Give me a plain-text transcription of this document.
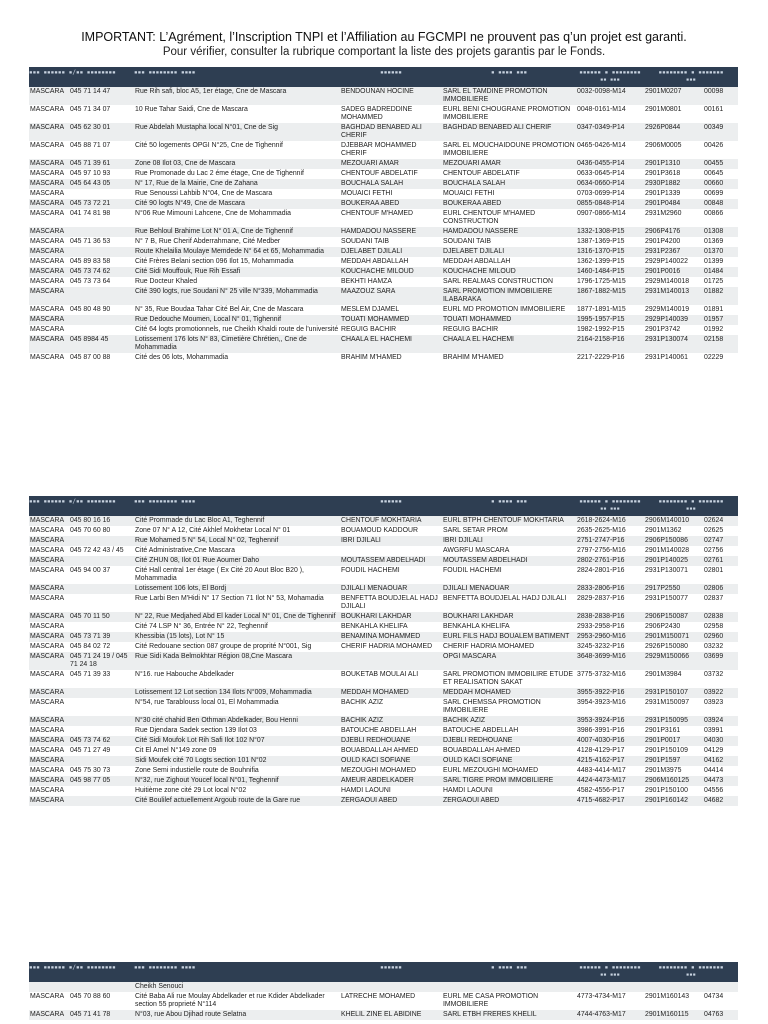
IMPORTANT: L’Agrément, l’Inscription TNPI et l’Affiliation au FGCMPI ne prouvent pas q’un projet est garanti.
Pour vérifier, consulter la rubrique comportant la liste des projets garantis par le Fonds.
▪▪▪ ▪▪▪▪▪▪ ▪/▪▪ ▪▪▪▪▪▪▪▪	▪▪▪ ▪▪▪▪▪▪▪▪ ▪▪▪▪	▪▪▪▪▪▪	▪ ▪▪▪▪ ▪▪▪	▪▪▪▪▪▪ ▪ ▪▪▪▪▪▪▪▪
▪▪ ▪▪▪
▪▪▪▪▪▪▪▪ ▪ ▪▪▪▪▪▪▪
▪▪▪
MASCARA	045 71 14 47	Rue Rih safi, bloc A5, 1er étage, Cne de Mascara	BENDOUNAN HOCINE	SARL EL TAMDINE PROMOTION IMMOBILIERE	0032-0098-M14	2901M0207	00098
MASCARA	045 71 34 07	10 Rue Tahar Saidi, Cne de Mascara	SADEG BADREDDINE MOHAMMED	EURL BENI CHOUGRANE PROMOTION IMMOBILIERE	0048-0161-M14	2901M0801	00161
MASCARA	045 62 30 01	Rue Abdelah Mustapha local N°01, Cne de Sig	BAGHDAD BENABED ALI CHERIF	BAGHDAD BENABED ALI CHERIF	0347-0349-P14	2926P0844	00349
MASCARA	045 88 71 07	Cité 50 logements OPGI N°25, Cne de Tighennif	DJEBBAR MOHAMMED CHERIF	SARL EL MOUCHAIDOUNE PROMOTION IMMOBILIERE	0465-0426-M14	2906M0005	00426
MASCARA	045 71 39 61	Zone 08 Ilot 03, Cne de Mascara	MEZOUARI AMAR	MEZOUARI AMAR	0436-0455-P14	2901P1310	00455
MASCARA	045 97 10 93	Rue Promonade du Lac 2 éme étage, Cne de Tighennif	CHENTOUF ABDELATIF	CHENTOUF ABDELATIF	0633-0645-P14	2901P3618	00645
MASCARA	045 64 43 05	N° 17, Rue de la Mairie, Cne de Zahana	BOUCHALA SALAH	BOUCHALA SALAH	0634-0660-P14	2930P1882	00660
MASCARA		Rue Senoussi Lahbib N°04, Cne de Mascara	MOUAICI FETHI	MOUAICI FETHI	0703-0699-P14	2901P1339	00699
MASCARA	045 73 72 21	Cité 90 logts N°49, Cne de Mascara	BOUKERAA ABED	BOUKERAA ABED	0855-0848-P14	2901P0484	00848
MASCARA	041 74 81 98	N°06 Rue Mimouni Lahcene, Cne de Mohammadia	CHENTOUF M'HAMED	EURL CHENTOUF M'HAMED CONSTRUCTION	0907-0866-M14	2931M2960	00866
MASCARA		Rue Behloul Brahime Lot N° 01 A, Cne de Tighennif	HAMDADOU NASSERE	HAMDADOU NASSERE	1332-1308-P15	2906P4176	01308
MASCARA	045 71 36 53	N° 7 B, Rue Cherif Abderrahmane, Cité Medber	SOUDANI TAIB	SOUDANI TAIB	1387-1369-P15	2901P4200	01369
MASCARA		Route Khelailia Moulaye Memdede N° 64 et 65, Mohammadia	DJELABET DJILALI	DJELABET DJILALI	1316-1370-P15	2931P2367	01370
MASCARA	045 89 83 58	Cité Frères Belani section 096 Ilot 15, Mohammadia	MEDDAH ABDALLAH	MEDDAH ABDALLAH	1362-1399-P15	2929P140022	01399
MASCARA	045 73 74 62	Cité Sidi Mouffouk, Rue Rih Essafi	KOUCHACHE MILOUD	KOUCHACHE MILOUD	1460-1484-P15	2901P0016	01484
MASCARA	045 73 73 64	Rue Docteur Khaled	BEKHTI HAMZA	SARL REALMAS CONSTRUCTION	1796-1725-M15	2929M140018	01725
MASCARA		Cité 390 logts, rue Soudani N° 25 ville N°339, Mohammadia	MAAZOUZ SARA	SARL PROMOTION IMMOBILIERE ILABARAKA	1867-1882-M15	2931M140013	01882
MASCARA	045 80 48 90	N° 35, Rue Boudaa Tahar Cité Bel Air, Cne de Mascara	MESLEM DJAMEL	EURL MD PROMOTION IMMOBILIERE	1877-1891-M15	2929M140019	01891
MASCARA		Rue Dedouche Moumen, Local N° 01, Tighennif	TOUATI MOHAMMED	TOUATI MOHAMMED	1995-1957-P15	2929P140039	01957
MASCARA		Cité 64 logts promotionnels, rue Cheikh Khaldi route de l'université	REGUIG BACHIR	REGUIG BACHIR	1982-1992-P15	2901P3742	01992
MASCARA	045 8984 45	Lotissement 176 lots N° 83, Cimetière Chrétien,, Cne de Mohammadia	CHAALA EL HACHEMI	CHAALA EL HACHEMI	2164-2158-P16	2931P130074	02158
MASCARA	045 87 00 88	Cité des 06 lots, Mohammadia	BRAHIM M'HAMED	BRAHIM M'HAMED	2217-2229-P16	2931P140061	02229
▪▪▪ ▪▪▪▪▪▪ ▪/▪▪ ▪▪▪▪▪▪▪▪	▪▪▪ ▪▪▪▪▪▪▪▪ ▪▪▪▪	▪▪▪▪▪▪	▪ ▪▪▪▪ ▪▪▪	▪▪▪▪▪▪ ▪ ▪▪▪▪▪▪▪▪
▪▪ ▪▪▪
▪▪▪▪▪▪▪▪ ▪ ▪▪▪▪▪▪▪
▪▪▪
MASCARA	045 80 16 16	Cité Prommade du Lac Bloc A1, Teghennif	CHENTOUF MOKHTARIA	EURL BTPH CHENTOUF MOKHTARIA	2618-2624-M16	2906M140010	02624
MASCARA	045 70 60 80	Zone 07 N° A 12, Cité Akhlef Mokhetar Local N° 01	BOUAMOUD KADDOUR	SARL SETAR PROM	2635-2625-M16	2901M1362	02625
MASCARA		Rue Mohamed 5 N° 54, Local N° 02, Teghennif	IBRI DJILALI	IBRI DJILALI	2751-2747-P16	2906P150086	02747
MASCARA	045 72 42 43 / 45	Cité Administrative,Cne Mascara		AWGRFU MASCARA	2797-2756-M16	2901M140028	02756
MASCARA		Cité ZHUN 08, Ilot 01 Rue Aoumer Daho	MOUTASSEM ABDELHADI	MOUTASSEM ABDELHADI	2802-2761-P16	2901P140025	02761
MASCARA	045 94 00 37	Cité Hall central 1er étage ( Ex Cité 20 Aout Bloc B20 ), Mohammadia	FOUDIL HACHEMI	FOUDIL HACHEMI	2824-2801-P16	2931P130071	02801
MASCARA		Lotissement 106 lots, El Bordj	DJILALI MENAOUAR	DJILALI MENAOUAR	2833-2806-P16	2917P2550	02806
MASCARA		Rue Larbi Ben M'Hidi N° 17 Section 71 Ilot N° 53, Mohamadia	BENFETTA BOUDJELAL HADJ DJILALI	BENFETTA BOUDJELAL HADJ DJILALI	2829-2837-P16	2931P150077	02837
MASCARA	045 70 11 50	N° 22, Rue Medjahed Abd El kader Local N° 01, Cne de Tighennif	BOUKHARI LAKHDAR	BOUKHARI LAKHDAR	2838-2838-P16	2906P150087	02838
MASCARA		Cité 74 LSP N° 36, Entrée N° 22, Teghennif	BENKAHLA KHELIFA	BENKAHLA KHELIFA	2933-2958-P16	2906P2430	02958
MASCARA	045 73 71 39	Khessibia (15 lots), Lot N° 15	BENAMINA MOHAMMED	EURL FILS HADJ BOUALEM BATIMENT	2953-2960-M16	2901M150071	02960
MASCARA	045 84 02 72	Cité Redouane section 087 groupe de proprité N°001, Sig	CHERIF HADRIA MOHAMED	CHERIF HADRIA MOHAMED	3245-3232-P16	2926P150080	03232
MASCARA	045 71 24 19 / 045 71 24 18	Rue Sidi Kada Belmokhtar Région 08,Cne Mascara		OPGI MASCARA	3648-3699-M16	2929M150066	03699
MASCARA	045 71 39 33	N°16. rue Habouche Abdelkader	BOUKETAB MOULAI ALI	SARL PROMOTION IMMOBILIRE ETUDE ET REALISATION SAKAT	3775-3732-M16	2901M3984	03732
MASCARA		Lotissement 12 Lot section 134 Ilots N°009, Mohammadia	MEDDAH MOHAMED	MEDDAH MOHAMED	3955-3922-P16	2931P150107	03922
MASCARA		N°54, rue Tarablouss local 01, El Mohammadia	BACHIK AZIZ	SARL CHEMSSA PROMOTION IMMOBILIERE	3954-3923-M16	2931M150097	03923
MASCARA		N°30 cité chahid Ben Othman Abdelkader, Bou Henni	BACHIK AZIZ	BACHIK AZIZ	3953-3924-P16	2931P150095	03924
MASCARA		Rue Djendara Sadek section 139 Ilot 03	BATOUCHE ABDELLAH	BATOUCHE ABDELLAH	3986-3991-P16	2901P3161	03991
MASCARA	045 73 74 62	Cité Sidi Moufok Lot Rih Safi Ilot 102 N°07	DJEBLI REDHOUANE	DJEBLI REDHOUANE	4007-4030-P16	2901P0017	04030
MASCARA	045 71 27 49	Cit El Amel N°149 zone 09	BOUABDALLAH AHMED	BOUABDALLAH AHMED	4128-4129-P17	2901P150109	04129
MASCARA		Sidi Moufek cité 70 Logts section 101 N°02	OULD KACI SOFIANE	OULD KACI SOFIANE	4215-4162-P17	2901P1597	04162
MASCARA	045 75 30 73	Zone Semi industielle route de Bouhnifia	MEZOUGHI MOHAMED	EURL MEZOUGHI MOHAMED	4483-4414-M17	2901M3975	04414
MASCARA	045 98 77 05	N°32, rue Zighout Youcef local N°01, Teghennif	AMEUR ABDELKADER	SARL TIGRE PROM IMMOBILIERE	4424-4473-M17	2906M160125	04473
MASCARA		Huitième zone cité 29 Lot local N°02	HAMDI LAOUNI	HAMDI LAOUNI	4582-4556-P17	2901P150100	04556
MASCARA		Cité Boulilef actuellement Argoub route de la Gare rue	ZERGAOUI ABED	ZERGAOUI ABED	4715-4682-P17	2901P160142	04682
▪▪▪ ▪▪▪▪▪▪ ▪/▪▪ ▪▪▪▪▪▪▪▪	▪▪▪ ▪▪▪▪▪▪▪▪ ▪▪▪▪	▪▪▪▪▪▪	▪ ▪▪▪▪ ▪▪▪	▪▪▪▪▪▪ ▪ ▪▪▪▪▪▪▪▪
▪▪ ▪▪▪
▪▪▪▪▪▪▪▪ ▪ ▪▪▪▪▪▪▪
▪▪▪
		Cheikh Senouci					
MASCARA	045 70 88 60	Cité Baba Ali rue Moulay Abdelkader et rue Kdider Abdelkader section 55 proprieté N°114	LATRECHE MOHAMED	EURL ME CASA PROMOTION IMMOBILIERE	4773-4734-M17	2901M160143	04734
MASCARA	045 71 41 78	N°03, rue Abou Djihad route Selatna	KHELIL ZINE EL ABIDINE	SARL ETBH FRERES KHELIL	4744-4763-M17	2901M160115	04763
